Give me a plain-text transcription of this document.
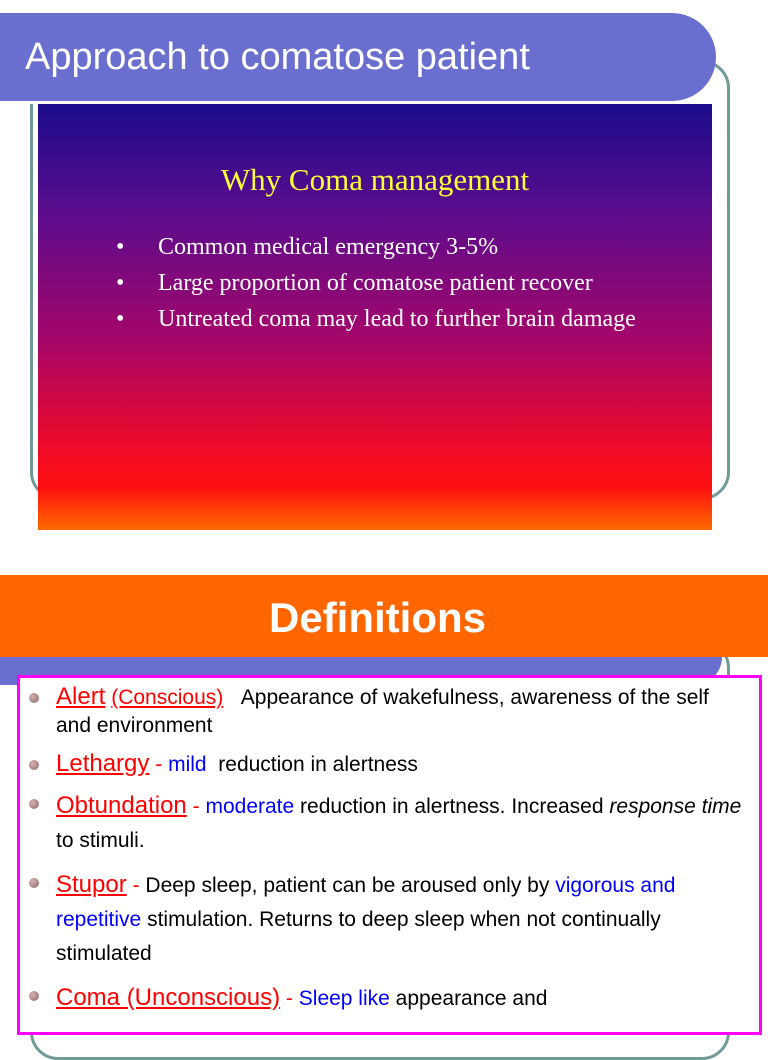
Approach to comatose patient
Why Coma management
• Common medical emergency 3-5%
• Large proportion of comatose patient recover
• Untreated coma may lead to further brain damage
Definitions
Alert (Conscious) Appearance of wakefulness, awareness of the self and environment
Lethargy - mild reduction in alertness
Obtundation - moderate reduction in alertness. Increased response time to stimuli.
Stupor - Deep sleep, patient can be aroused only by vigorous and repetitive stimulation. Returns to deep sleep when not continually stimulated
Coma (Unconscious) - Sleep like appearance and
